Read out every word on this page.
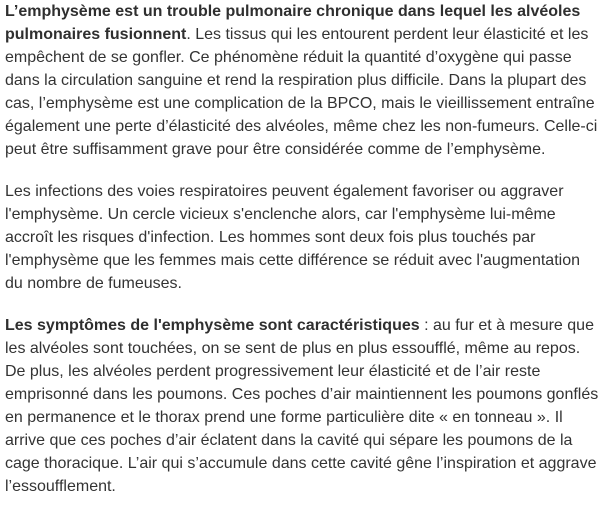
L’emphysème est un trouble pulmonaire chronique dans lequel les alvéoles pulmonaires fusionnent. Les tissus qui les entourent perdent leur élasticité et les empêchent de se gonfler. Ce phénomène réduit la quantité d’oxygène qui passe dans la circulation sanguine et rend la respiration plus difficile. Dans la plupart des cas, l’emphysème est une complication de la BPCO, mais le vieillissement entraîne également une perte d’élasticité des alvéoles, même chez les non-fumeurs. Celle-ci peut être suffisamment grave pour être considérée comme de l’emphysème.

Les infections des voies respiratoires peuvent également favoriser ou aggraver l'emphysème. Un cercle vicieux s'enclenche alors, car l'emphysème lui-même accroît les risques d'infection. Les hommes sont deux fois plus touchés par l'emphysème que les femmes mais cette différence se réduit avec l'augmentation du nombre de fumeuses.

Les symptômes de l'emphysème sont caractéristiques : au fur et à mesure que les alvéoles sont touchées, on se sent de plus en plus essoufflé, même au repos. De plus, les alvéoles perdent progressivement leur élasticité et de l’air reste emprisonné dans les poumons. Ces poches d’air maintiennent les poumons gonflés en permanence et le thorax prend une forme particulière dite « en tonneau ». Il arrive que ces poches d’air éclatent dans la cavité qui sépare les poumons de la cage thoracique. L’air qui s’accumule dans cette cavité gêne l’inspiration et aggrave l’essoufflement.
